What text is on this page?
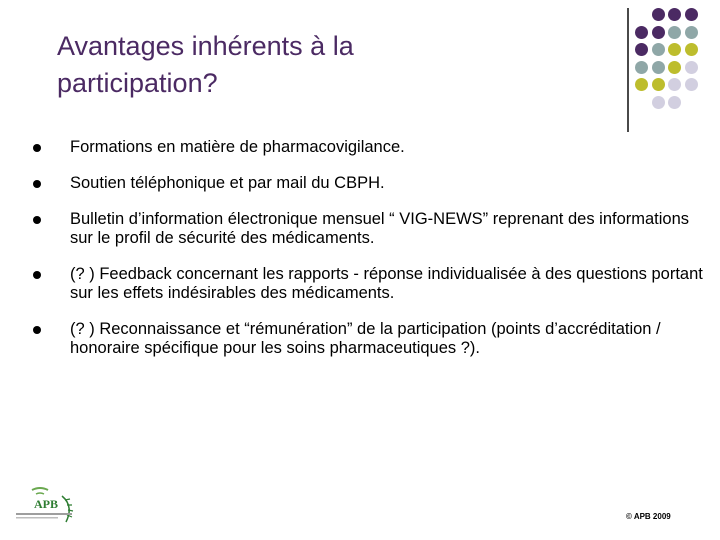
Avantages inhérents à la
participation?
Formations en matière de pharmacovigilance.
Soutien téléphonique et par mail du CBPH.
Bulletin d’information électronique mensuel “ VIG-NEWS” reprenant des informations sur le profil de sécurité des médicaments.
(? ) Feedback concernant les rapports - réponse individualisée à des questions portant sur les effets indésirables des médicaments.
(? ) Reconnaissance et “rémunération” de la participation (points d’accréditation / honoraire spécifique pour les soins pharmaceutiques ?).
APB
© APB 2009
